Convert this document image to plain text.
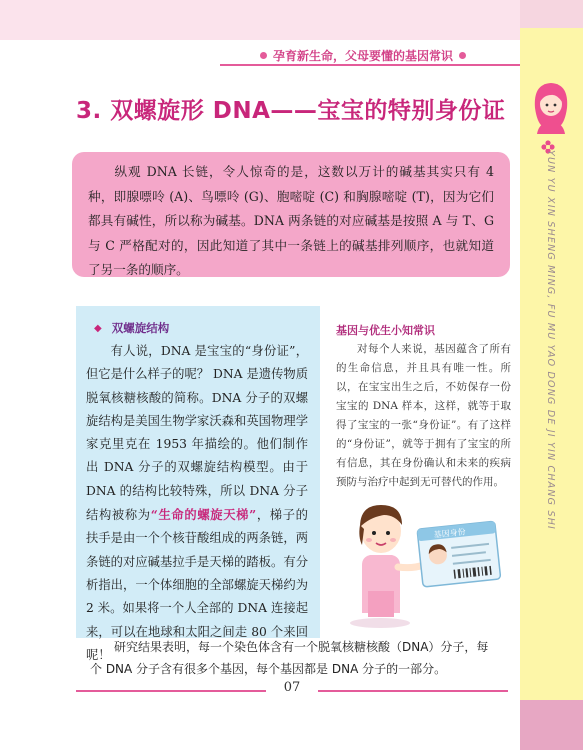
YUN YU XIN SHENG MING, FU MU YAO DONG DE JI YIN CHANG SHI
孕育新生命，父母要懂的基因常识
3. 双螺旋形 DNA——宝宝的特别身份证

纵观 DNA 长链，令人惊奇的是，这数以万计的碱基其实只有 4 种，即腺嘌呤 (A)、鸟嘌呤 (G)、胞嘧啶 (C) 和胸腺嘧啶 (T)，因为它们都具有碱性，所以称为碱基。DNA 两条链的对应碱基是按照 A 与 T、G 与 C 严格配对的，因此知道了其中一条链上的碱基排列顺序，也就知道了另一条的顺序。

◆ 双螺旋结构

有人说，DNA 是宝宝的“身份证”，但它是什么样子的呢？ DNA 是遗传物质脱氧核糖核酸的简称。DNA 分子的双螺旋结构是美国生物学家沃森和英国物理学家克里克在 1953 年描绘的。他们制作出 DNA 分子的双螺旋结构模型。由于 DNA 的结构比较特殊，所以 DNA 分子结构被称为“生命的螺旋天梯”，梯子的扶手是由一个个核苷酸组成的两条链，两条链的对应碱基拉手是天梯的踏板。有分析指出，一个体细胞的全部螺旋天梯约为 2 米。如果将一个人全部的 DNA 连接起来，可以在地球和太阳之间走 80 个来回呢！

基因与优生小知常识

对每个人来说，基因蕴含了所有的生命信息，并且具有唯一性。所以，在宝宝出生之后，不妨保存一份宝宝的 DNA 样本，这样，就等于取得了宝宝的一张“身份证”。有了这样的“身份证”，就等于拥有了宝宝的所有信息，其在身份确认和未来的疾病预防与治疗中起到无可替代的作用。

基因身份

研究结果表明，每一个染色体含有一个脱氧核糖核酸（DNA）分子，每个 DNA 分子含有很多个基因，每个基因都是 DNA 分子的一部分。

07
